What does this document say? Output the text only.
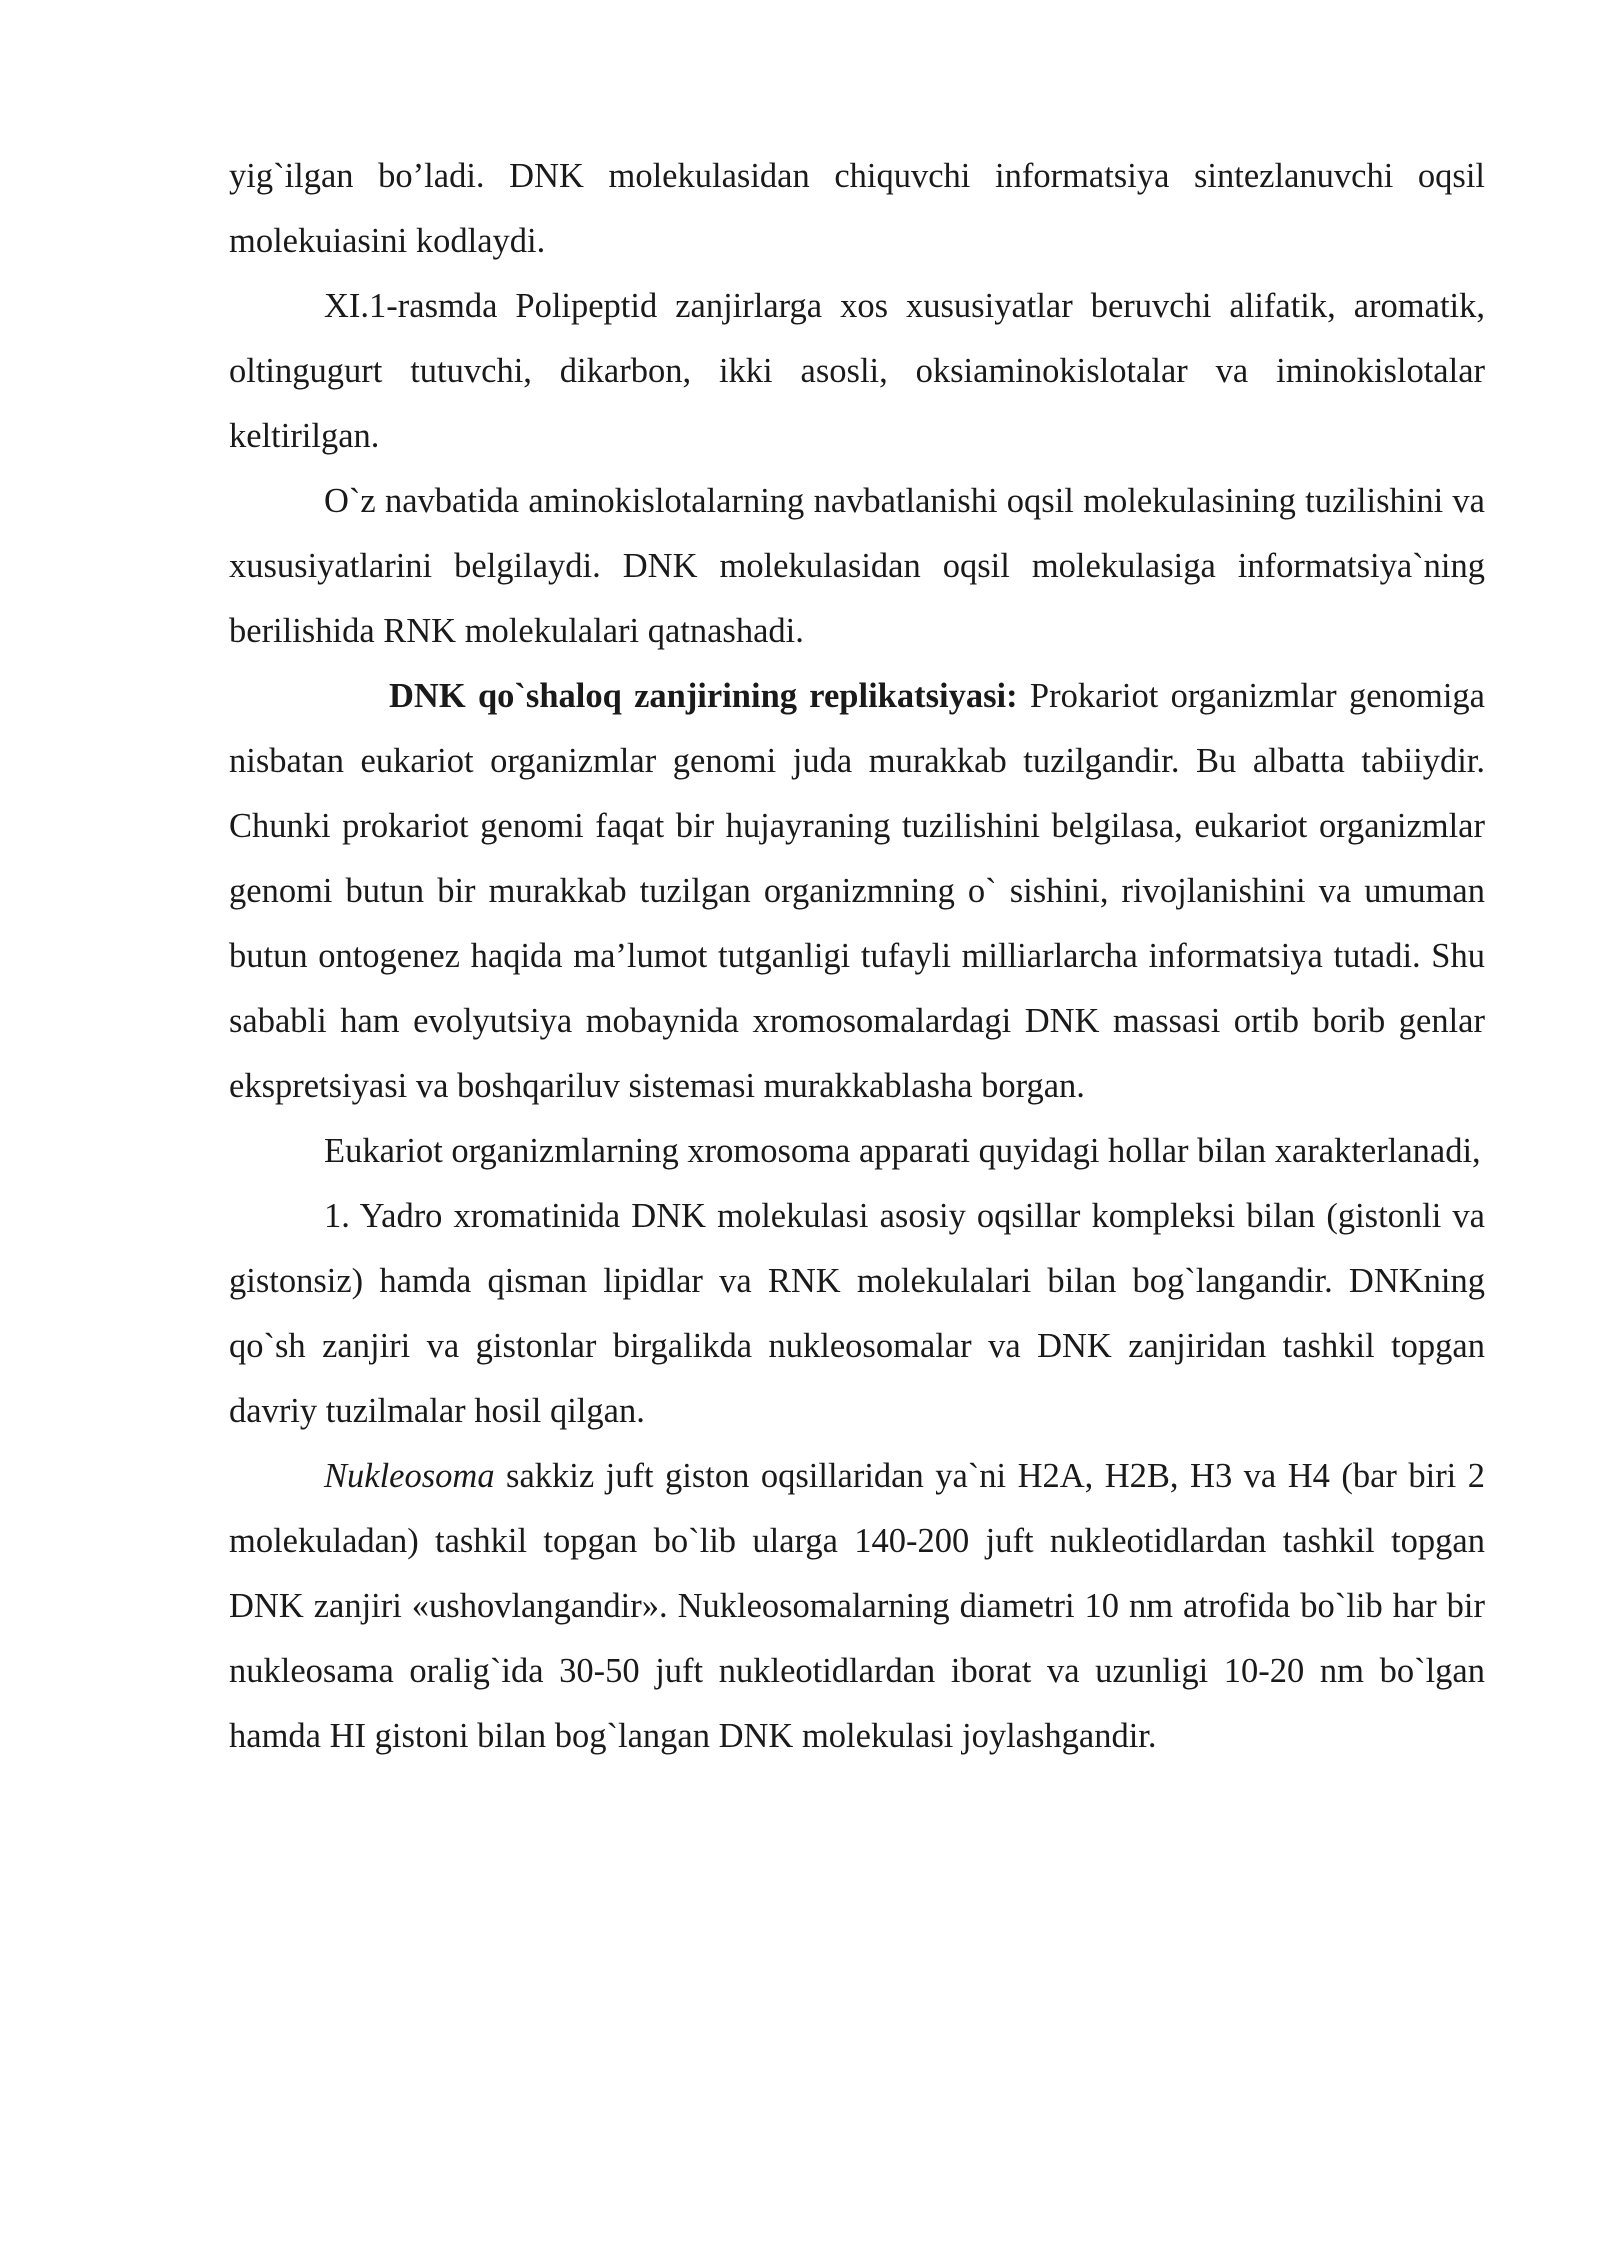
yig`ilgan bo’ladi. DNK molekulasidan chiquvchi informatsiya sintezlanuvchi oqsil molekuiasini kodlaydi.

XI.1-rasmda Polipeptid zanjirlarga xos xususiyatlar beruvchi alifatik, aromatik, oltingugurt tutuvchi, dikarbon, ikki asosli, oksiaminokislotalar va iminokislotalar keltirilgan.

O`z navbatida aminokislotalarning navbatlanishi oqsil molekulasining tuzilishini va xususiyatlarini belgilaydi. DNK molekulasidan oqsil molekulasiga informatsiya`ning berilishida RNK molekulalari qatnashadi.

DNK qo`shaloq zanjirining replikatsiyasi: Prokariot organizmlar genomiga nisbatan eukariot organizmlar genomi juda murakkab tuzilgandir. Bu albatta tabiiydir. Chunki prokariot genomi faqat bir hujayraning tuzilishini belgilasa, eukariot organizmlar genomi butun bir murakkab tuzilgan organizmning o` sishini, rivojlanishini va umuman butun ontogenez haqida ma’lumot tutganligi tufayli milliarlarcha informatsiya tutadi. Shu sababli ham evolyutsiya mobaynida xromosomalardagi DNK massasi ortib borib genlar ekspretsiyasi va boshqariluv sistemasi murakkablasha borgan.

Eukariot organizmlarning xromosoma apparati quyidagi hollar bilan xarakterlanadi,

1. Yadro xromatinida DNK molekulasi asosiy oqsillar kompleksi bilan (gistonli va gistonsiz) hamda qisman lipidlar va RNK molekulalari bilan bog`langandir. DNKning qo`sh zanjiri va gistonlar birgalikda nukleosomalar va DNK zanjiridan tashkil topgan davriy tuzilmalar hosil qilgan.

Nukleosoma sakkiz juft giston oqsillaridan ya`ni H2A, H2B, H3 va H4 (bar biri 2 molekuladan) tashkil topgan bo`lib ularga 140-200 juft nukleotidlardan tashkil topgan DNK zanjiri «ushovlangandir». Nukleosomalarning diametri 10 nm atrofida bo`lib har bir nukleosama oralig`ida 30-50 juft nukleotidlardan iborat va uzunligi 10-20 nm bo`lgan hamda HI gistoni bilan bog`langan DNK molekulasi joylashgandir.
